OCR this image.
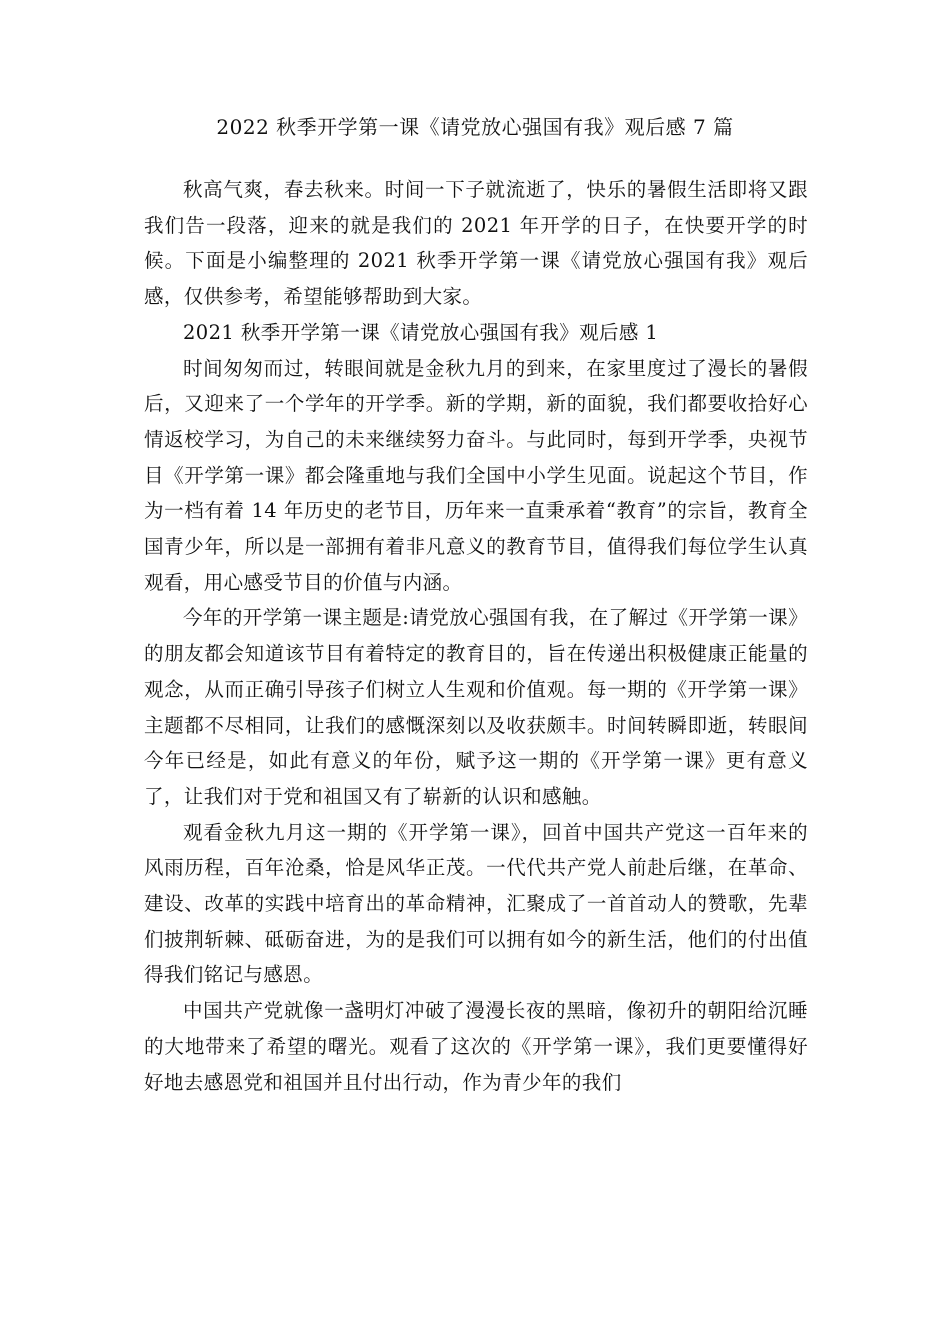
2022 秋季开学第一课《请党放心强国有我》观后感 7 篇

秋高气爽，春去秋来。时间一下子就流逝了，快乐的暑假生活即将又跟我们告一段落，迎来的就是我们的 2021 年开学的日子，在快要开学的时候。下面是小编整理的 2021 秋季开学第一课《请党放心强国有我》观后感，仅供参考，希望能够帮助到大家。

2021 秋季开学第一课《请党放心强国有我》观后感 1

时间匆匆而过，转眼间就是金秋九月的到来，在家里度过了漫长的暑假后，又迎来了一个学年的开学季。新的学期，新的面貌，我们都要收拾好心情返校学习，为自己的未来继续努力奋斗。与此同时，每到开学季，央视节目《开学第一课》都会隆重地与我们全国中小学生见面。说起这个节目，作为一档有着 14 年历史的老节目，历年来一直秉承着“教育”的宗旨，教育全国青少年，所以是一部拥有着非凡意义的教育节目，值得我们每位学生认真观看，用心感受节目的价值与内涵。

今年的开学第一课主题是:请党放心强国有我，在了解过《开学第一课》的朋友都会知道该节目有着特定的教育目的，旨在传递出积极健康正能量的观念，从而正确引导孩子们树立人生观和价值观。每一期的《开学第一课》主题都不尽相同，让我们的感慨深刻以及收获颇丰。时间转瞬即逝，转眼间今年已经是，如此有意义的年份，赋予这一期的《开学第一课》更有意义了，让我们对于党和祖国又有了崭新的认识和感触。

观看金秋九月这一期的《开学第一课》，回首中国共产党这一百年来的风雨历程，百年沧桑，恰是风华正茂。一代代共产党人前赴后继，在革命、建设、改革的实践中培育出的革命精神，汇聚成了一首首动人的赞歌，先辈们披荆斩棘、砥砺奋进，为的是我们可以拥有如今的新生活，他们的付出值得我们铭记与感恩。

中国共产党就像一盏明灯冲破了漫漫长夜的黑暗，像初升的朝阳给沉睡的大地带来了希望的曙光。观看了这次的《开学第一课》，我们更要懂得好好地去感恩党和祖国并且付出行动，作为青少年的我们
